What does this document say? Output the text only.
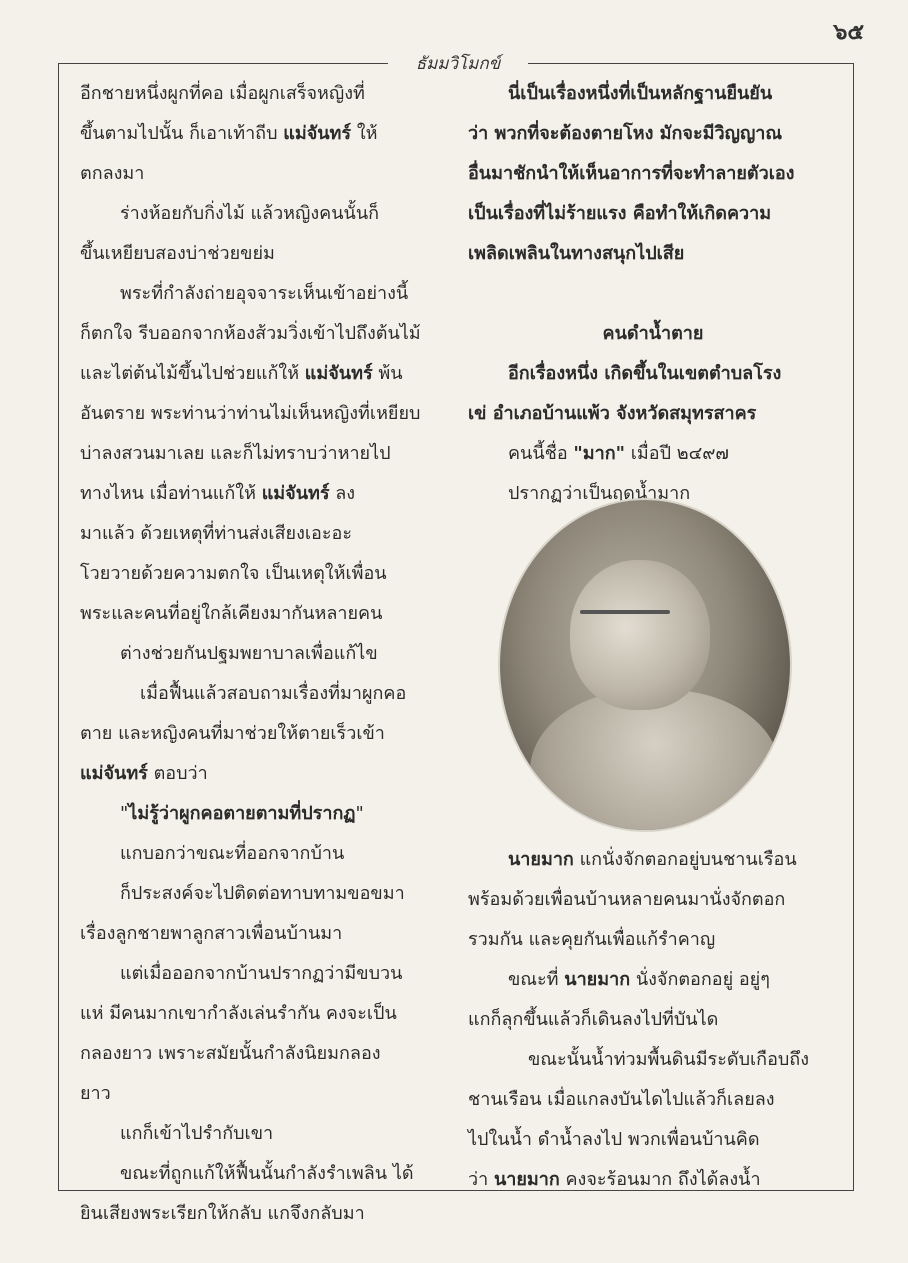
๖๕
ธัมมวิโมกข์

อีกชายหนึ่งผูกที่คอ เมื่อผูกเสร็จหญิงที่

ขึ้นตามไปนั้น ก็เอาเท้าถีบ แม่จันทร์ ให้

ตกลงมา

ร่างห้อยกับกิ่งไม้ แล้วหญิงคนนั้นก็

ขึ้นเหยียบสองบ่าช่วยขย่ม

พระที่กำลังถ่ายอุจจาระเห็นเข้าอย่างนี้

ก็ตกใจ รีบออกจากห้องส้วมวิ่งเข้าไปถึงต้นไม้

และไต่ต้นไม้ขึ้นไปช่วยแก้ให้ แม่จันทร์ พ้น

อันตราย พระท่านว่าท่านไม่เห็นหญิงที่เหยียบ

บ่าลงสวนมาเลย และก็ไม่ทราบว่าหายไป

ทางไหน เมื่อท่านแก้ให้ แม่จันทร์ ลง

มาแล้ว ด้วยเหตุที่ท่านส่งเสียงเอะอะ

โวยวายด้วยความตกใจ เป็นเหตุให้เพื่อน

พระและคนที่อยู่ใกล้เคียงมากันหลายคน

ต่างช่วยกันปฐมพยาบาลเพื่อแก้ไข

เมื่อฟื้นแล้วสอบถามเรื่องที่มาผูกคอ

ตาย และหญิงคนที่มาช่วยให้ตายเร็วเข้า

แม่จันทร์ ตอบว่า

"ไม่รู้ว่าผูกคอตายตามที่ปรากฏ"

แกบอกว่าขณะที่ออกจากบ้าน

ก็ประสงค์จะไปติดต่อทาบทามขอขมา

เรื่องลูกชายพาลูกสาวเพื่อนบ้านมา

แต่เมื่อออกจากบ้านปรากฏว่ามีขบวน

แห่ มีคนมากเขากำลังเล่นรำกัน คงจะเป็น

กลองยาว เพราะสมัยนั้นกำลังนิยมกลอง

ยาว

แกก็เข้าไปรำกับเขา

ขณะที่ถูกแก้ให้ฟื้นนั้นกำลังรำเพลิน ได้

ยินเสียงพระเรียกให้กลับ แกจึงกลับมา

นี่เป็นเรื่องหนึ่งที่เป็นหลักฐานยืนยัน

ว่า พวกที่จะต้องตายโหง มักจะมีวิญญาณ

อื่นมาชักนำให้เห็นอาการที่จะทำลายตัวเอง

เป็นเรื่องที่ไม่ร้ายแรง คือทำให้เกิดความ

เพลิดเพลินในทางสนุกไปเสีย

คนดำน้ำตาย

อีกเรื่องหนึ่ง เกิดขึ้นในเขตตำบลโรง

เข่ อำเภอบ้านแพ้ว จังหวัดสมุทรสาคร

คนนี้ชื่อ "มาก" เมื่อปี ๒๔๙๗

ปรากฏว่าเป็นฤดูน้ำมาก

นายมาก แกนั่งจักตอกอยู่บนชานเรือน

พร้อมด้วยเพื่อนบ้านหลายคนมานั่งจักตอก

รวมกัน และคุยกันเพื่อแก้รำคาญ

ขณะที่ นายมาก นั่งจักตอกอยู่ อยู่ๆ

แกก็ลุกขึ้นแล้วก็เดินลงไปที่บันได

ขณะนั้นน้ำท่วมพื้นดินมีระดับเกือบถึง

ชานเรือน เมื่อแกลงบันไดไปแล้วก็เลยลง

ไปในน้ำ ดำน้ำลงไป พวกเพื่อนบ้านคิด

ว่า นายมาก คงจะร้อนมาก ถึงได้ลงน้ำ
